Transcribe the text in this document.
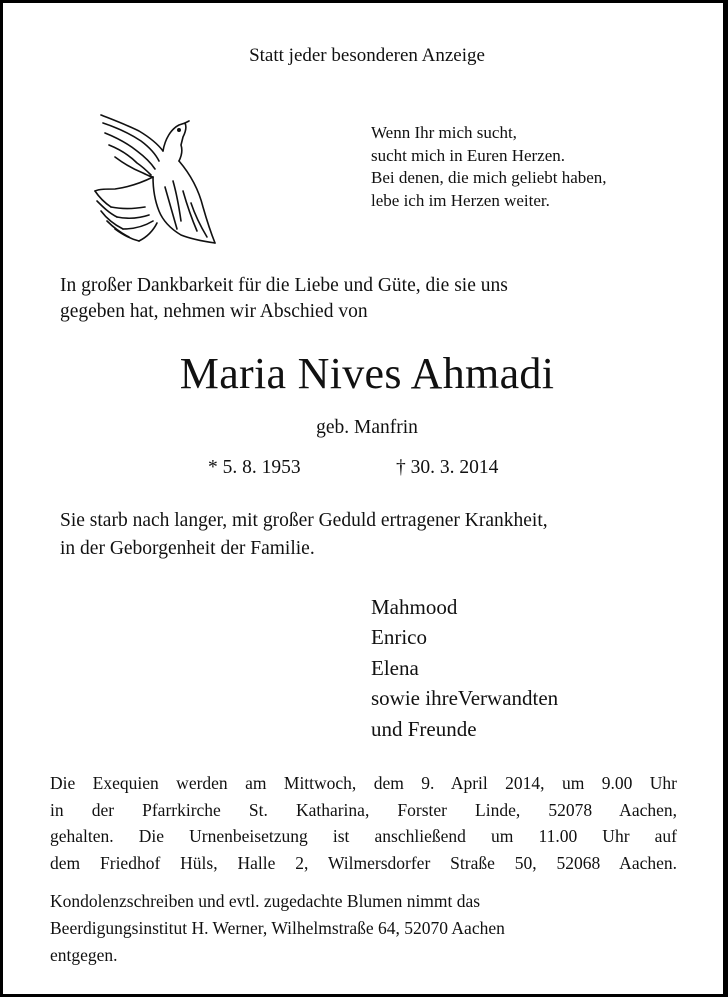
Statt jeder besonderen Anzeige
Wenn Ihr mich sucht,
sucht mich in Euren Herzen.
Bei denen, die mich geliebt haben,
lebe ich im Herzen weiter.
In großer Dankbarkeit für die Liebe und Güte, die sie uns
gegeben hat, nehmen wir Abschied von
Maria Nives Ahmadi
geb. Manfrin
* 5. 8. 1953	† 30. 3. 2014
Sie starb nach langer, mit großer Geduld ertragener Krankheit,
in der Geborgenheit der Familie.
Mahmood
Enrico
Elena
sowie ihreVerwandten
und Freunde
Die Exequien werden am Mittwoch, dem 9. April 2014, um 9.00 Uhr
in der Pfarrkirche St. Katharina, Forster Linde, 52078 Aachen,
gehalten. Die Urnenbeisetzung ist anschließend um 11.00 Uhr auf
dem Friedhof Hüls, Halle 2, Wilmersdorfer Straße 50, 52068 Aachen.
Kondolenzschreiben und evtl. zugedachte Blumen nimmt das
Beerdigungsinstitut H. Werner, Wilhelmstraße 64, 52070 Aachen
entgegen.
